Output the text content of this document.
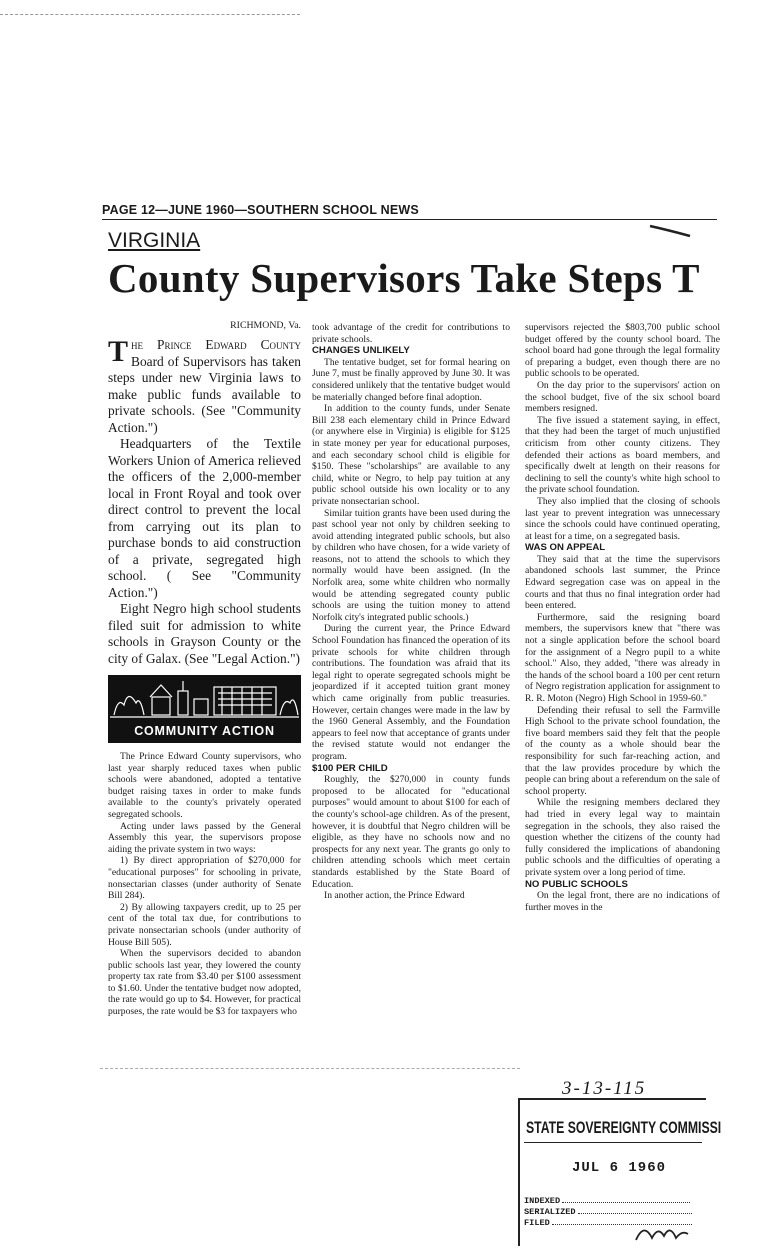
PAGE 12—JUNE 1960—SOUTHERN SCHOOL NEWS
VIRGINIA
County Supervisors Take Steps T
RICHMOND, Va.

The Prince Edward County Board of Supervisors has taken steps under new Virginia laws to make public funds available to private schools. (See "Community Action.")

Headquarters of the Textile Workers Union of America relieved the officers of the 2,000-member local in Front Royal and took over direct control to prevent the local from carrying out its plan to purchase bonds to aid construction of a private, segregated high school. ( See "Community Action.")

Eight Negro high school students filed suit for admission to white schools in Grayson County or the city of Galax. (See "Legal Action.")

COMMUNITY ACTION

The Prince Edward County supervisors, who last year sharply reduced taxes when public schools were abandoned, adopted a tentative budget raising taxes in order to make funds available to the county's privately operated segregated schools.

Acting under laws passed by the General Assembly this year, the supervisors propose aiding the private system in two ways:

1) By direct appropriation of $270,000 for "educational purposes" for schooling in private, nonsectarian classes (under authority of Senate Bill 284).

2) By allowing taxpayers credit, up to 25 per cent of the total tax due, for contributions to private nonsectarian schools (under authority of House Bill 505).

When the supervisors decided to abandon public schools last year, they lowered the county property tax rate from $3.40 per $100 assessment to $1.60. Under the tentative budget now adopted, the rate would go up to $4. However, for practical purposes, the rate would be $3 for taxpayers who

took advantage of the credit for contributions to private schools.

CHANGES UNLIKELY

The tentative budget, set for formal hearing on June 7, must be finally approved by June 30. It was considered unlikely that the tentative budget would be materially changed before final adoption.

In addition to the county funds, under Senate Bill 238 each elementary child in Prince Edward (or anywhere else in Virginia) is eligible for $125 in state money per year for educational purposes, and each secondary school child is eligible for $150. These "scholarships" are available to any child, white or Negro, to help pay tuition at any public school outside his own locality or to any private nonsectarian school.

Similar tuition grants have been used during the past school year not only by children seeking to avoid attending integrated public schools, but also by children who have chosen, for a wide variety of reasons, not to attend the schools to which they normally would have been assigned. (In the Norfolk area, some white children who normally would be attending segregated county public schools are using the tuition money to attend Norfolk city's integrated public schools.)

During the current year, the Prince Edward School Foundation has financed the operation of its private schools for white children through contributions. The foundation was afraid that its legal right to operate segregated schools might be jeopardized if it accepted tuition grant money which came originally from public treasuries. However, certain changes were made in the law by the 1960 General Assembly, and the Foundation appears to feel now that acceptance of grants under the revised statute would not endanger the program.

$100 PER CHILD

Roughly, the $270,000 in county funds proposed to be allocated for "educational purposes" would amount to about $100 for each of the county's school-age children. As of the present, however, it is doubtful that Negro children will be eligible, as they have no schools now and no prospects for any next year. The grants go only to children attending schools which meet certain standards established by the State Board of Education.

In another action, the Prince Edward

supervisors rejected the $803,700 public school budget offered by the county school board. The school board had gone through the legal formality of preparing a budget, even though there are no public schools to be operated.

On the day prior to the supervisors' action on the school budget, five of the six school board members resigned.

The five issued a statement saying, in effect, that they had been the target of much unjustified criticism from other county citizens. They defended their actions as board members, and specifically dwelt at length on their reasons for declining to sell the county's white high school to the private school foundation.

They also implied that the closing of schools last year to prevent integration was unnecessary since the schools could have continued operating, at least for a time, on a segregated basis.

WAS ON APPEAL

They said that at the time the supervisors abandoned schools last summer, the Prince Edward segregation case was on appeal in the courts and that thus no final integration order had been entered.

Furthermore, said the resigning board members, the supervisors knew that "there was not a single application before the school board for the assignment of a Negro pupil to a white school." Also, they added, "there was already in the hands of the school board a 100 per cent return of Negro registration application for assignment to R. R. Moton (Negro) High School in 1959-60."

Defending their refusal to sell the Farmville High School to the private school foundation, the five board members said they felt that the people of the county as a whole should bear the responsibility for such far-reaching action, and that the law provides procedure by which the people can bring about a referendum on the sale of school property.

While the resigning members declared they had tried in every legal way to maintain segregation in the schools, they also raised the question whether the citizens of the county had fully considered the implications of abandoning public schools and the difficulties of operating a private system over a long period of time.

NO PUBLIC SCHOOLS

On the legal front, there are no indications of further moves in the

3-13-115
STATE SOVEREIGNTY COMMISSI
JUL 6 1960
INDEXED
SERIALIZED
FILED
